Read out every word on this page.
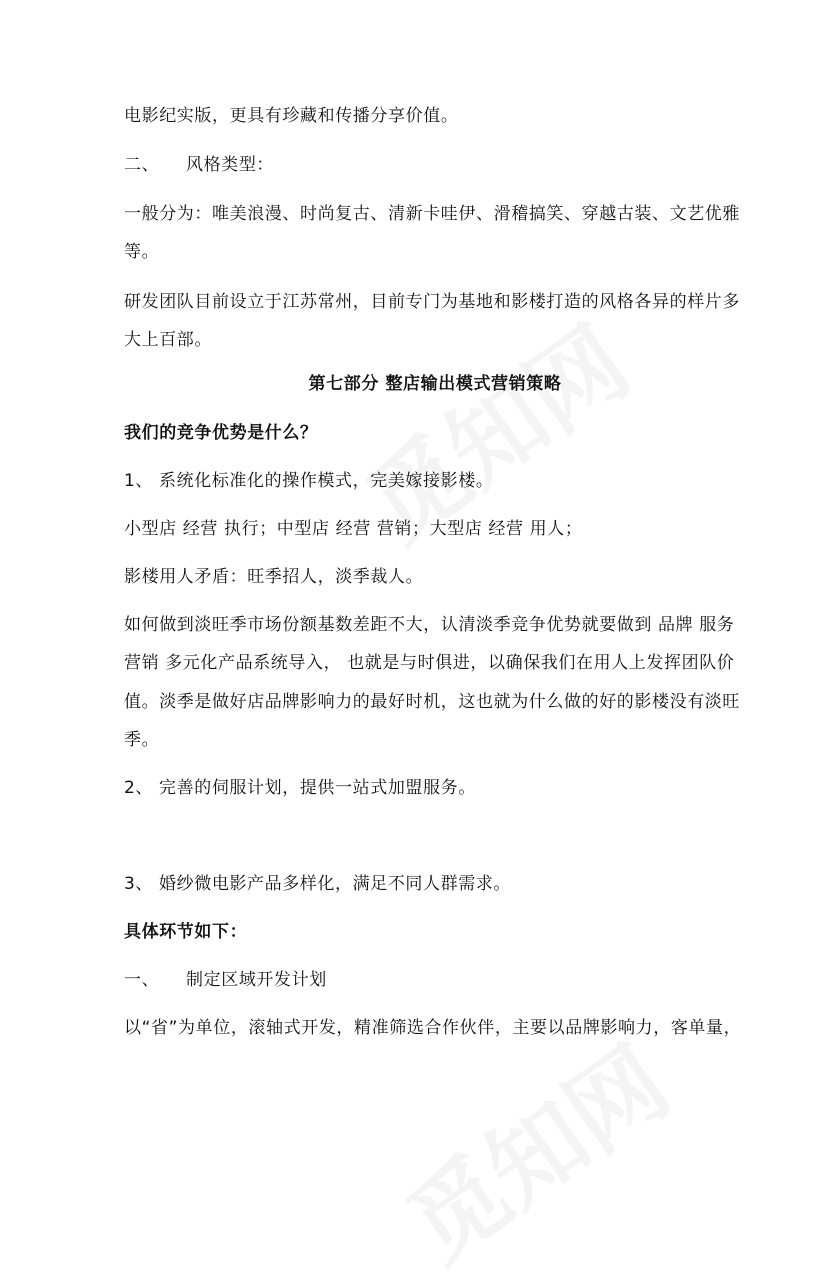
电影纪实版，更具有珍藏和传播分享价值。
二、 风格类型：
一般分为：唯美浪漫、时尚复古、清新卡哇伊、滑稽搞笑、穿越古装、文艺优雅
等。
研发团队目前设立于江苏常州，目前专门为基地和影楼打造的风格各异的样片多
大上百部。
第七部分 整店输出模式营销策略
我们的竞争优势是什么？
1、 系统化标准化的操作模式，完美嫁接影楼。
小型店 经营 执行；中型店 经营 营销；大型店 经营 用人；
影楼用人矛盾：旺季招人，淡季裁人。
如何做到淡旺季市场份额基数差距不大，认清淡季竞争优势就要做到 品牌 服务
营销 多元化产品系统导入， 也就是与时俱进，以确保我们在用人上发挥团队价
值。淡季是做好店品牌影响力的最好时机，这也就为什么做的好的影楼没有淡旺
季。
2、 完善的伺服计划，提供一站式加盟服务。
3、 婚纱微电影产品多样化，满足不同人群需求。
具体环节如下：
一、 制定区域开发计划
以“省”为单位，滚轴式开发，精准筛选合作伙伴，主要以品牌影响力，客单量，
